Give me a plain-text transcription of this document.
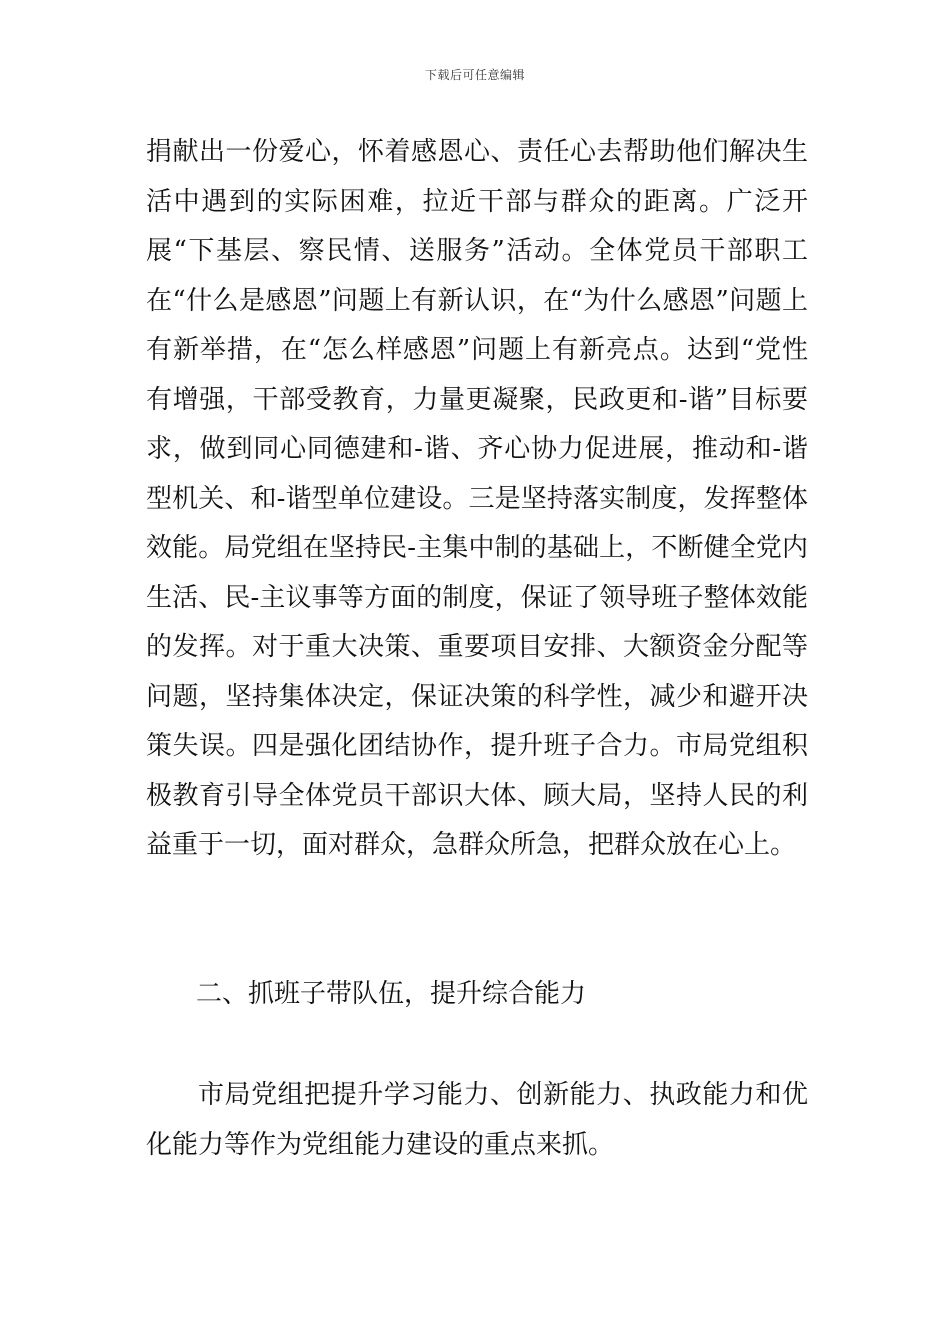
下载后可任意编辑

捐献出一份爱心，怀着感恩心、责任心去帮助他们解决生活中遇到的实际困难，拉近干部与群众的距离。广泛开展“下基层、察民情、送服务”活动。全体党员干部职工在“什么是感恩”问题上有新认识，在“为什么感恩”问题上有新举措，在“怎么样感恩”问题上有新亮点。达到“党性有增强，干部受教育，力量更凝聚，民政更和-谐”目标要求，做到同心同德建和-谐、齐心协力促进展，推动和-谐型机关、和-谐型单位建设。三是坚持落实制度，发挥整体效能。局党组在坚持民-主集中制的基础上，不断健全党内生活、民-主议事等方面的制度，保证了领导班子整体效能的发挥。对于重大决策、重要项目安排、大额资金分配等问题，坚持集体决定，保证决策的科学性，减少和避开决策失误。四是强化团结协作，提升班子合力。市局党组积极教育引导全体党员干部识大体、顾大局，坚持人民的利益重于一切，面对群众，急群众所急，把群众放在心上。

二、抓班子带队伍，提升综合能力

市局党组把提升学习能力、创新能力、执政能力和优化能力等作为党组能力建设的重点来抓。
